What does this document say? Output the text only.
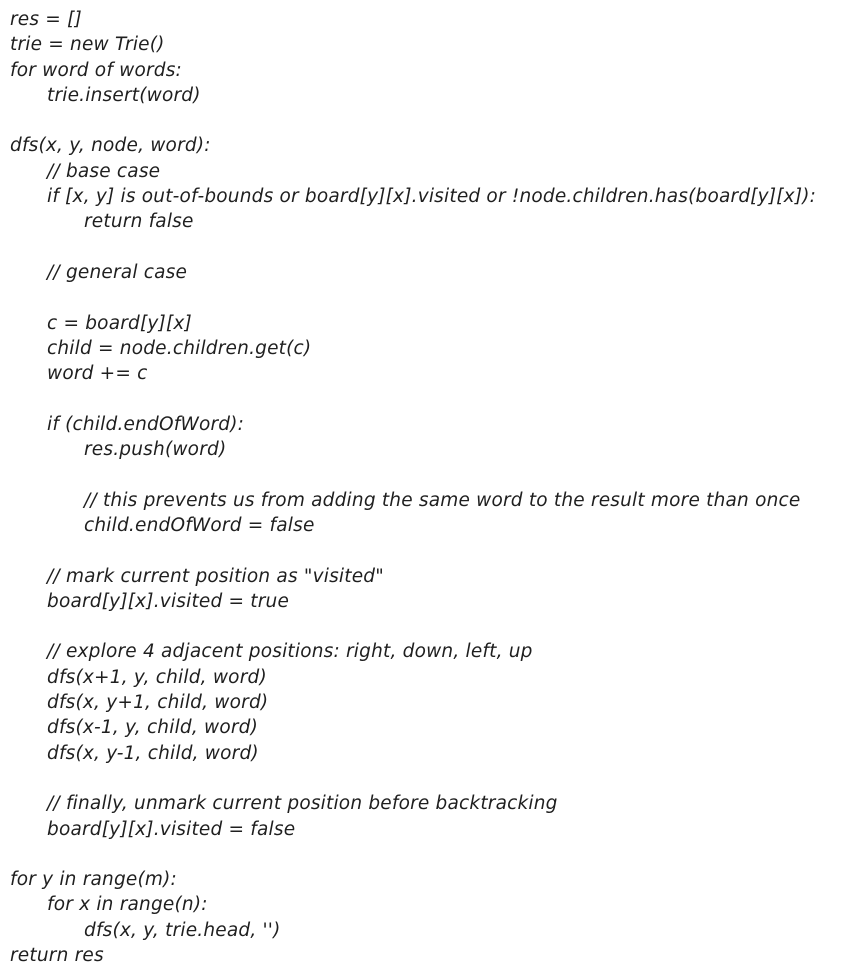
res = []
trie = new Trie()
for word of words:
trie.insert(word)

dfs(x, y, node, word):
// base case
if [x, y] is out-of-bounds or board[y][x].visited or !node.children.has(board[y][x]):
return false

// general case

c = board[y][x]
child = node.children.get(c)
word += c

if (child.endOfWord):
res.push(word)

// this prevents us from adding the same word to the result more than once
child.endOfWord = false

// mark current position as "visited"
board[y][x].visited = true

// explore 4 adjacent positions: right, down, left, up
dfs(x+1, y, child, word)
dfs(x, y+1, child, word)
dfs(x-1, y, child, word)
dfs(x, y-1, child, word)

// finally, unmark current position before backtracking
board[y][x].visited = false

for y in range(m):
for x in range(n):
dfs(x, y, trie.head, '')
return res
